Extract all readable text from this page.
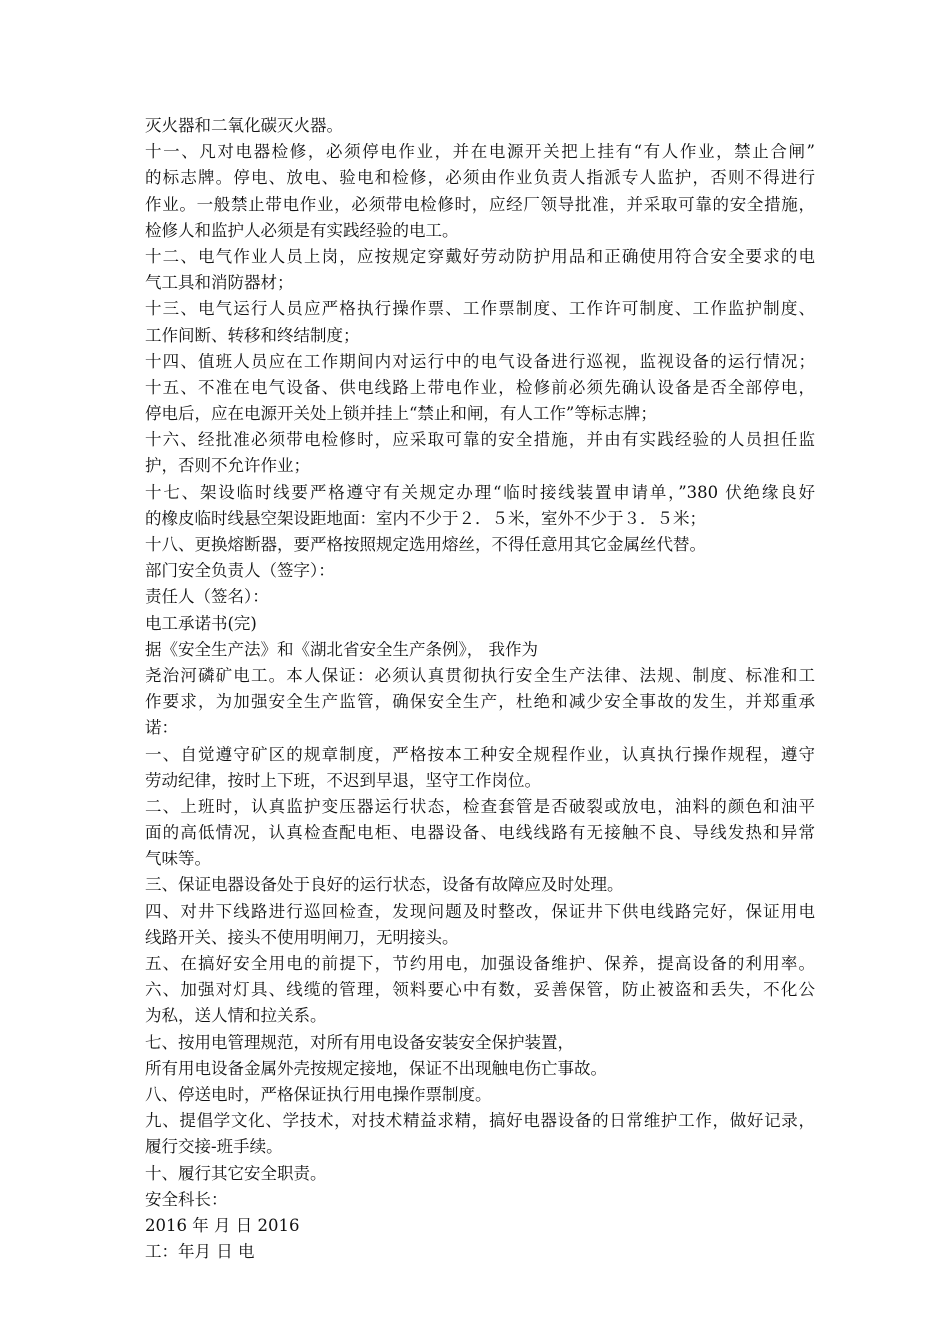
灭火器和二氧化碳灭火器。
十一、凡对电器检修，必须停电作业，并在电源开关把上挂有“有人作业，禁止合闸”
的标志牌。停电、放电、验电和检修，必须由作业负责人指派专人监护，否则不得进行
作业。一般禁止带电作业，必须带电检修时，应经厂领导批准，并采取可靠的安全措施，
检修人和监护人必须是有实践经验的电工。
十二、电气作业人员上岗，应按规定穿戴好劳动防护用品和正确使用符合安全要求的电
气工具和消防器材；
十三、电气运行人员应严格执行操作票、工作票制度、工作许可制度、工作监护制度、
工作间断、转移和终结制度；
十四、值班人员应在工作期间内对运行中的电气设备进行巡视，监视设备的运行情况；
十五、不准在电气设备、供电线路上带电作业，检修前必须先确认设备是否全部停电，
停电后，应在电源开关处上锁并挂上“禁止和闸，有人工作”等标志牌；
十六、经批准必须带电检修时，应采取可靠的安全措施，并由有实践经验的人员担任监
护，否则不允许作业；
十七、架设临时线要严格遵守有关规定办理“临时接线装置申请单，”380 伏绝缘良好
的橡皮临时线悬空架设距地面：室内不少于２．５米，室外不少于３．５米；
十八、更换熔断器，要严格按照规定选用熔丝，不得任意用其它金属丝代替。
部门安全负责人（签字）：
责任人（签名）：
电工承诺书(完)
据《安全生产法》和《湖北省安全生产条例》， 我作为
尧治河磷矿电工。本人保证：必须认真贯彻执行安全生产法律、法规、制度、标准和工
作要求，为加强安全生产监管，确保安全生产，杜绝和减少安全事故的发生，并郑重承
诺：
一、自觉遵守矿区的规章制度，严格按本工种安全规程作业，认真执行操作规程，遵守
劳动纪律，按时上下班，不迟到早退，坚守工作岗位。
二、上班时，认真监护变压器运行状态，检查套管是否破裂或放电，油料的颜色和油平
面的高低情况，认真检查配电柜、电器设备、电线线路有无接触不良、导线发热和异常
气味等。
三、保证电器设备处于良好的运行状态，设备有故障应及时处理。
四、对井下线路进行巡回检查，发现问题及时整改，保证井下供电线路完好，保证用电
线路开关、接头不使用明闸刀，无明接头。
五、在搞好安全用电的前提下，节约用电，加强设备维护、保养，提高设备的利用率。
六、加强对灯具、线缆的管理，领料要心中有数，妥善保管，防止被盗和丢失，不化公
为私，送人情和拉关系。
七、按用电管理规范，对所有用电设备安装安全保护装置，
所有用电设备金属外壳按规定接地，保证不出现触电伤亡事故。
八、停送电时，严格保证执行用电操作票制度。
九、提倡学文化、学技术，对技术精益求精，搞好电器设备的日常维护工作，做好记录，
履行交接-班手续。
十、履行其它安全职责。
安全科长：
2016 年 月 日 2016
工：年月 日 电
